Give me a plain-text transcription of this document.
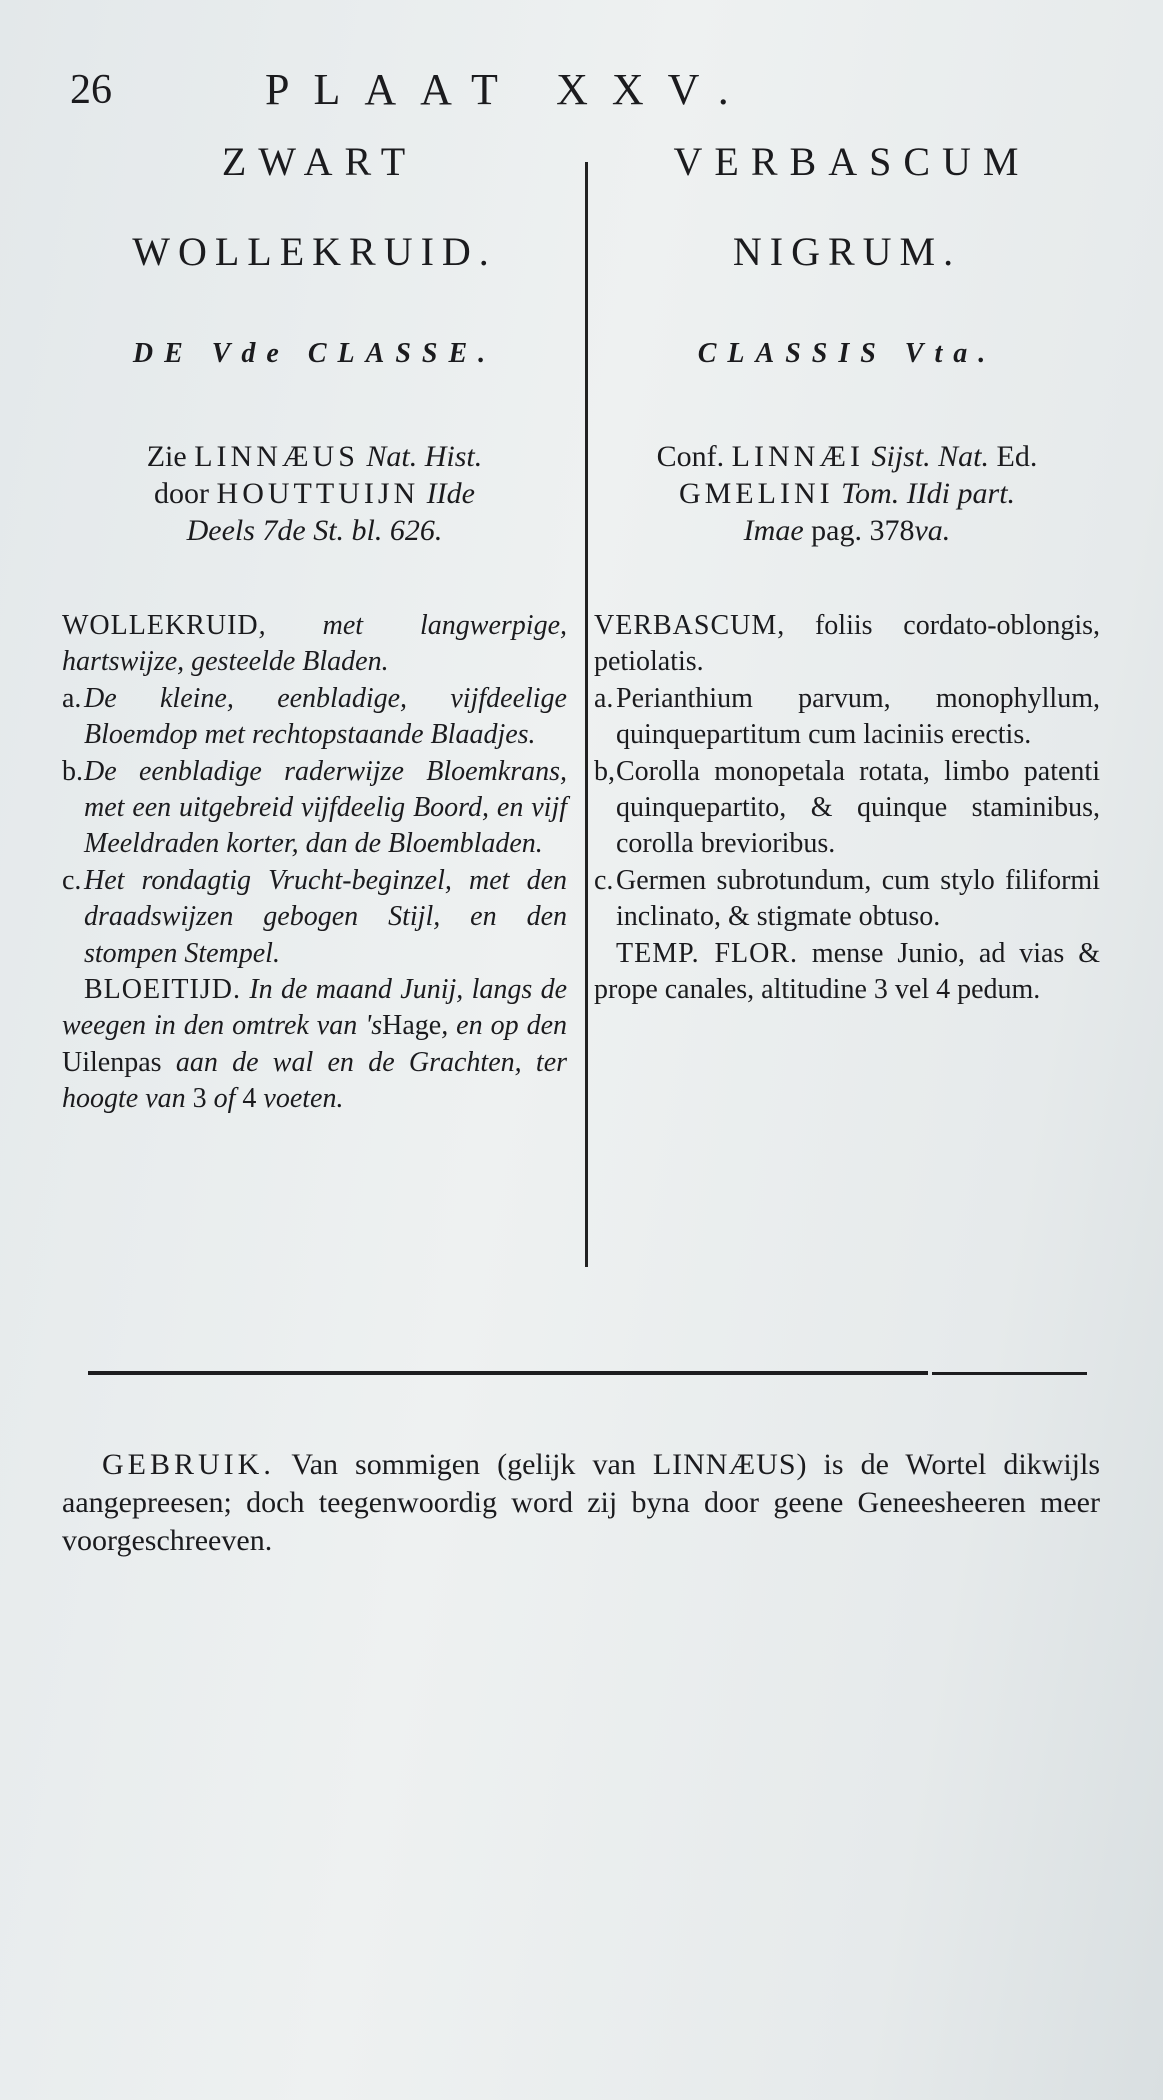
26	PLAAT XXV.
ZWART
WOLLEKRUID.
DE Vde CLASSE.
Zie LINNÆUS Nat. Hist.
door HOUTTUIJN IIde
Deels 7de St. bl. 626.

WOLLEKRUID, met langwerpige, hartswijze, gesteelde Bladen.

a. De kleine, eenbladige, vijfdeelige Bloemdop met rechtopstaande Blaadjes.
b. De eenbladige raderwijze Bloemkrans, met een uitgebreid vijfdeelig Boord, en vijf Meeldraden korter, dan de Bloembladen.
c. Het rondagtig Vrucht-beginzel, met den draadswijzen gebogen Stijl, en den stompen Stempel.

BLOEITIJD. In de maand Junij, langs de weegen in den omtrek van 'sHage, en op den Uilenpas aan de wal en de Grachten, ter hoogte van 3 of 4 voeten.

VERBASCUM
NIGRUM.
CLASSIS Vta.
Conf. LINNÆI Sijst. Nat. Ed.
GMELINI Tom. IIdi part.
Imae pag. 378va.

VERBASCUM, foliis cordato-oblongis, petiolatis.

a. Perianthium parvum, monophyllum, quinquepartitum cum laciniis erectis.
b, Corolla monopetala rotata, limbo patenti quinquepartito, & quinque staminibus, corolla brevioribus.
c. Germen subrotundum, cum stylo filiformi inclinato, & stigmate obtuso.

TEMP. FLOR. mense Junio, ad vias & prope canales, altitudine 3 vel 4 pedum.

GEBRUIK. Van sommigen (gelijk van LINNÆUS) is de Wortel dikwijls aangepreesen; doch teegenwoordig word zij byna door geene Geneesheeren meer voorgeschreeven.
